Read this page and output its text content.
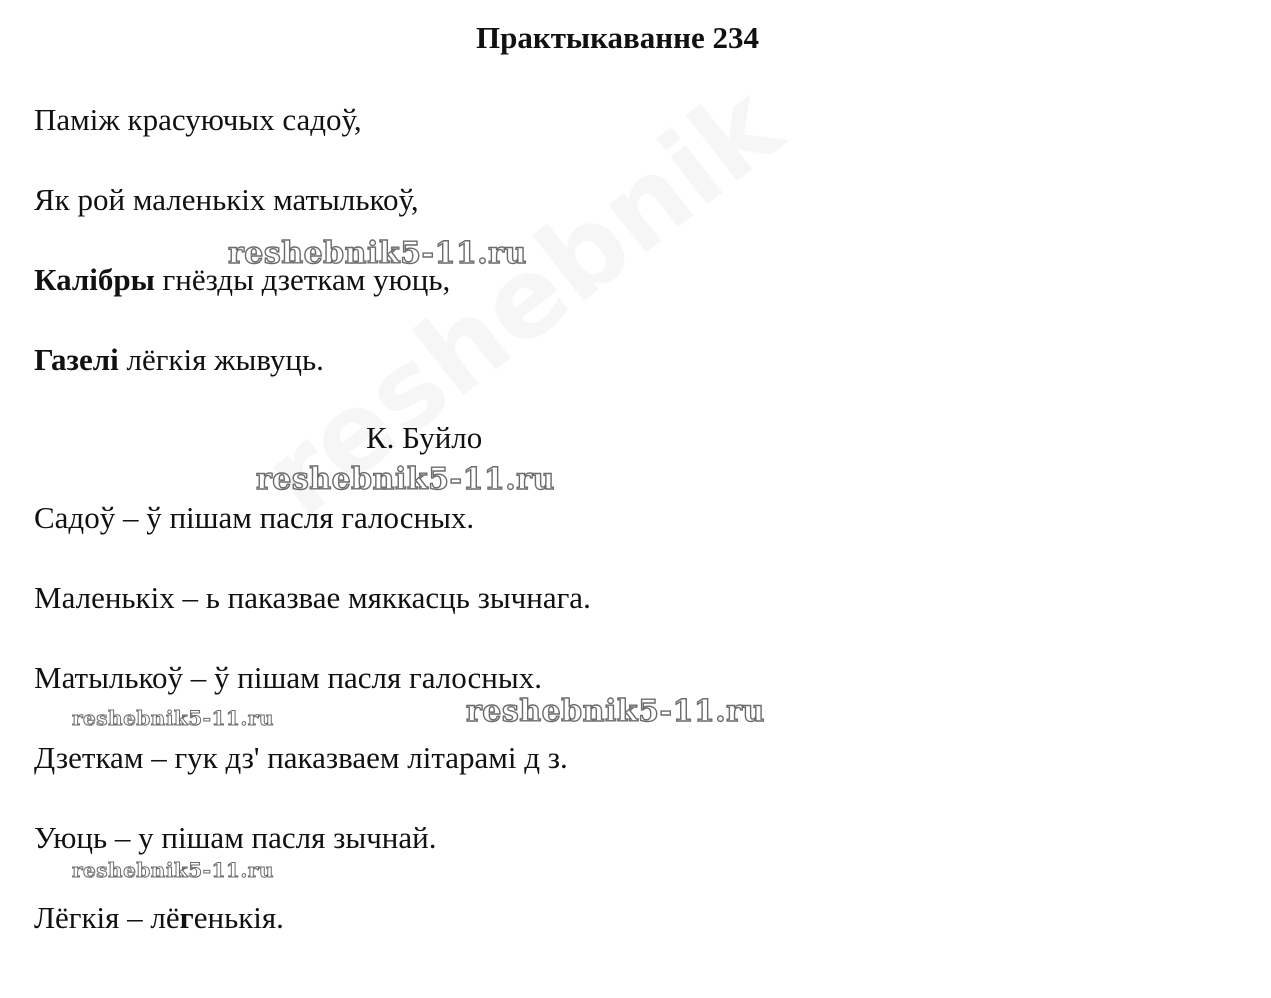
Практыкаванне 234
Паміж красуючых садоў,
Як рой маленькіх матылькоў,
Калібры гнёзды дзеткам уюць,
Газелі лёгкія жывуць.
К. Буйло
Садоў – ў пішам пасля галосных.
Маленькіх – ь паказвае мяккасць зычнага.
Матылькоў – ў пішам пасля галосных.
Дзеткам – гук дз' паказваем літарамі д з.
Уюць – у пішам пасля зычнай.
Лёгкія – лёгенькія.
reshebnik5-11.ru
reshebnik5-11.ru
reshebnik5-11.ru
reshebnik5-11.ru
reshebnik5-11.ru
